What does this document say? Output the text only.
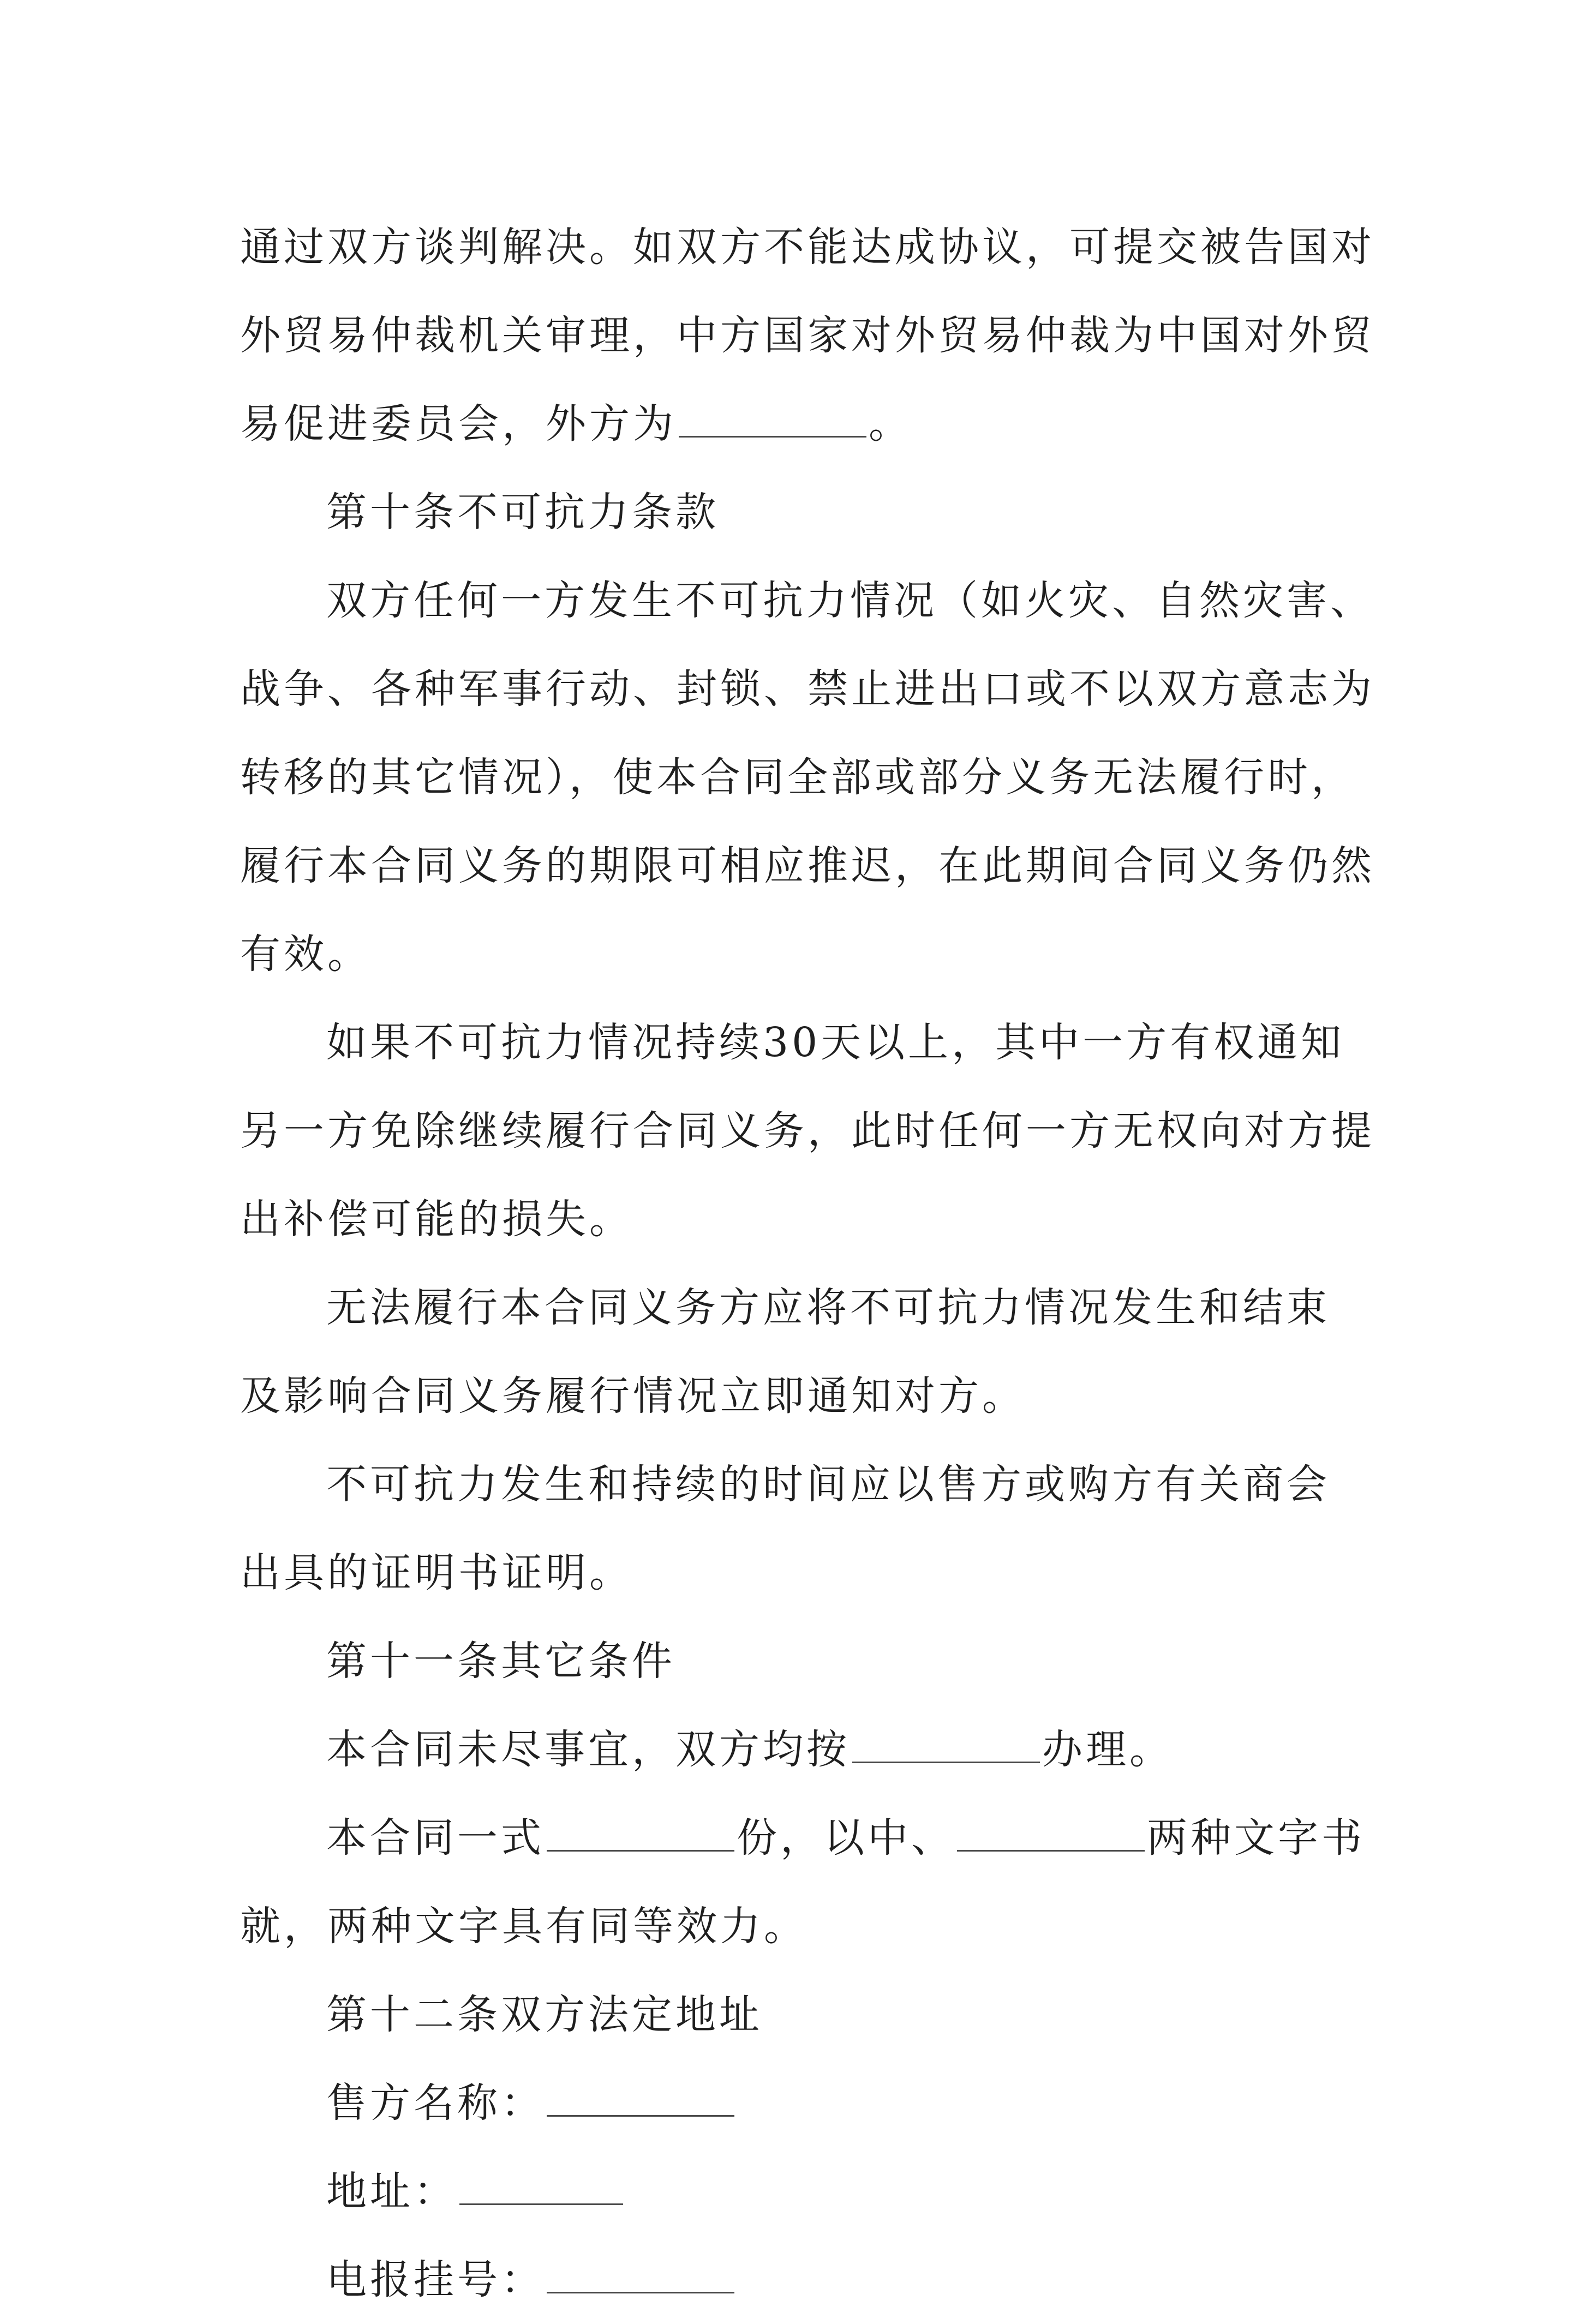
通过双方谈判解决。如双方不能达成协议，可提交被告国对
外贸易仲裁机关审理，中方国家对外贸易仲裁为中国对外贸
易促进委员会，外方为	。
第十条不可抗力条款
双方任何一方发生不可抗力情况（如火灾、自然灾害、
战争、各种军事行动、封锁、禁止进出口或不以双方意志为
转移的其它情况），使本合同全部或部分义务无法履行时，
履行本合同义务的期限可相应推迟，在此期间合同义务仍然
有效。
如果不可抗力情况持续30天以上，其中一方有权通知
另一方免除继续履行合同义务，此时任何一方无权向对方提
出补偿可能的损失。
无法履行本合同义务方应将不可抗力情况发生和结束
及影响合同义务履行情况立即通知对方。
不可抗力发生和持续的时间应以售方或购方有关商会
出具的证明书证明。
第十一条其它条件
本合同未尽事宜，双方均按	办理。
本合同一式	份，以中、	两种文字书
就，两种文字具有同等效力。
第十二条双方法定地址
售方名称：
地址：
电报挂号：
